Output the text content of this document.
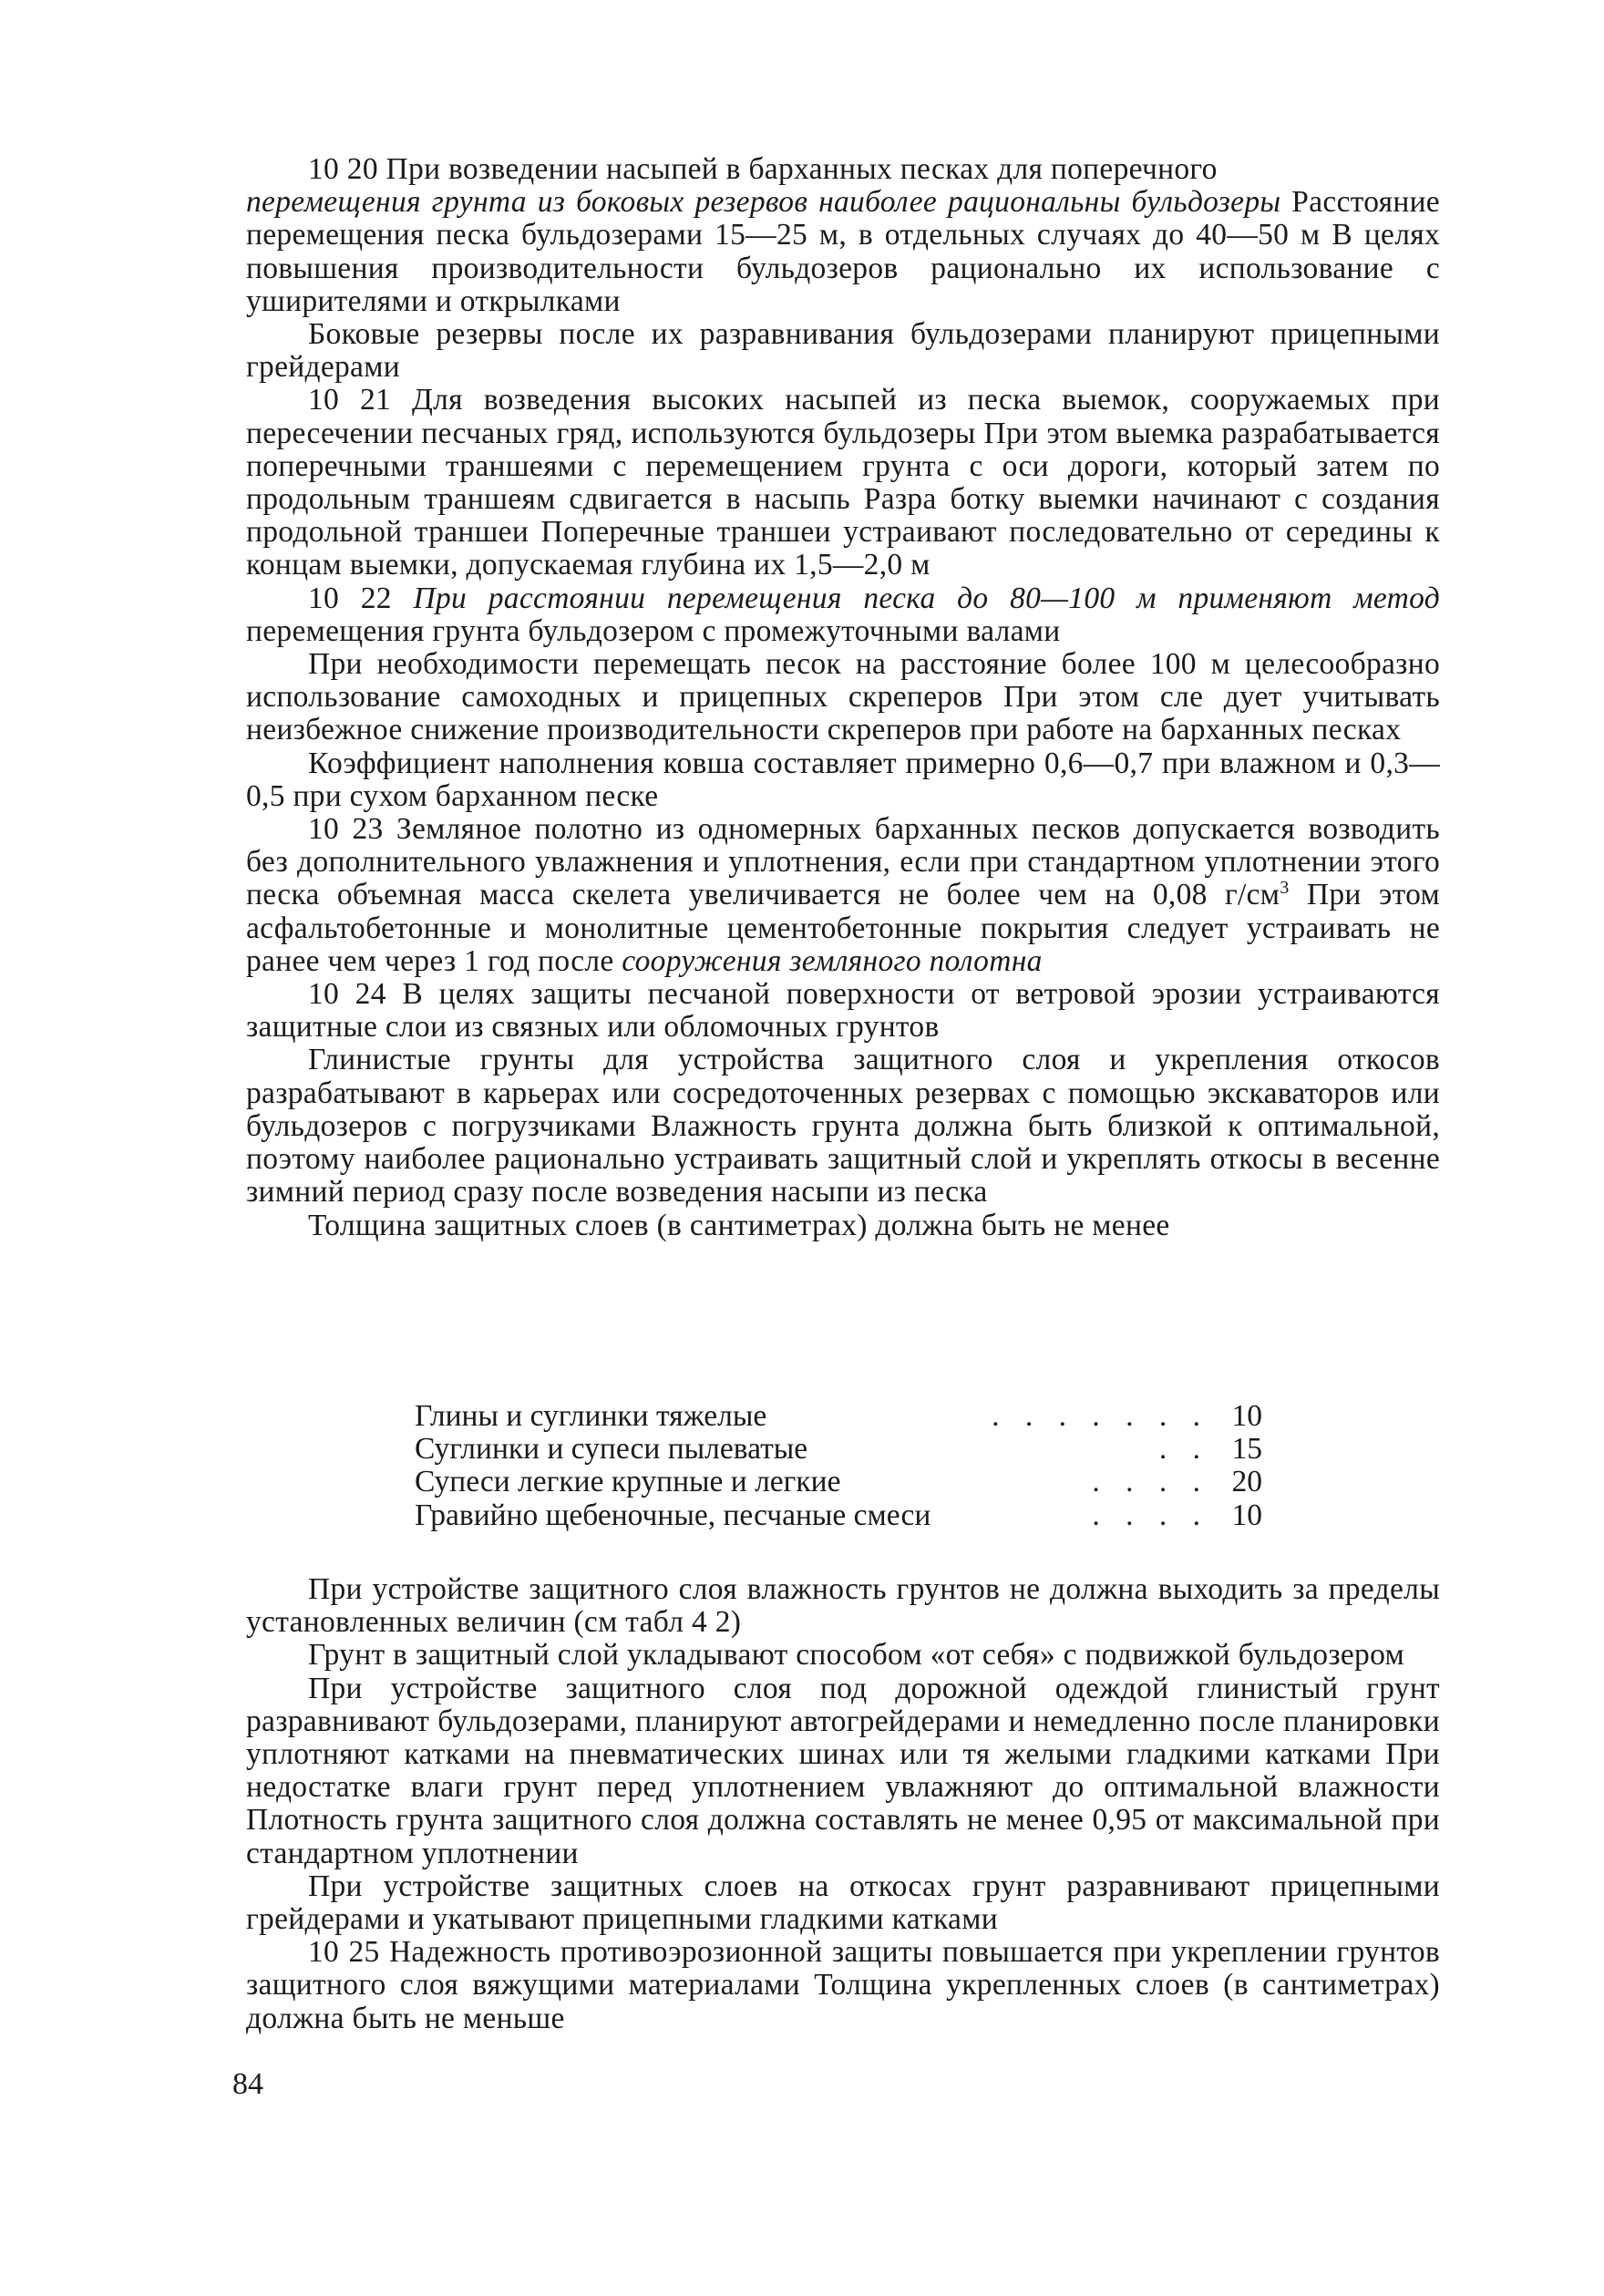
10 20 При возведении насыпей в барханных песках для поперечного
перемещения грунта из боковых резервов наиболее рациональны бульдозеры Расстояние перемещения песка бульдозерами 15—25 м, в отдельных случаях до 40—50 м В целях повышения производительности бульдозеров рационально их использование с уширителями и открылками

Боковые резервы после их разравнивания бульдозерами планируют прицепными грейдерами

10 21 Для возведения высоких насыпей из песка выемок, сооружаемых при пересечении песчаных гряд, используются бульдозеры При этом выемка разрабатывается поперечными траншеями с перемещением грунта с оси дороги, который затем по продольным траншеям сдвигается в насыпь Разра ботку выемки начинают с создания продольной траншеи Поперечные траншеи устраивают последовательно от середины к концам выемки, допускаемая глубина их 1,5—2,0 м

10 22 При расстоянии перемещения песка до 80—100 м применяют метод перемещения грунта бульдозером с промежуточными валами

При необходимости перемещать песок на расстояние более 100 м целесообразно использование самоходных и прицепных скреперов При этом сле дует учитывать неизбежное снижение производительности скреперов при работе на барханных песках

Коэффициент наполнения ковша составляет примерно 0,6—0,7 при влажном и 0,3—0,5 при сухом барханном песке

10 23 Земляное полотно из одномерных барханных песков допускается возводить без дополнительного увлажнения и уплотнения, если при стандартном уплотнении этого песка объемная масса скелета увеличивается не более чем на 0,08 $г/см^3$ При этом асфальтобетонные и монолитные цементобетонные покрытия следует устраивать не ранее чем через 1 год после сооружения земляного полотна

10 24 В целях защиты песчаной поверхности от ветровой эрозии устраиваются защитные слои из связных или обломочных грунтов

Глинистые грунты для устройства защитного слоя и укрепления откосов разрабатывают в карьерах или сосредоточенных резервах с помощью экскаваторов или бульдозеров с погрузчиками Влажность грунта должна быть близкой к оптимальной, поэтому наиболее рационально устраивать защитный слой и укреплять откосы в весенне зимний период сразу после возведения насыпи из песка

Толщина защитных слоев (в сантиметрах) должна быть не менее

Глины и суглинки тяжелые	. . . . . . . 10
Суглинки и супеси пылеватые	. . 15
Супеси легкие крупные и легкие	. . . . 20
Гравийно щебеночные, песчаные смеси	. . . . 10

При устройстве защитного слоя влажность грунтов не должна выходить за пределы установленных величин (см табл 4 2)

Грунт в защитный слой укладывают способом «от себя» с подвижкой бульдозером

При устройстве защитного слоя под дорожной одеждой глинистый грунт разравнивают бульдозерами, планируют автогрейдерами и немедленно после планировки уплотняют катками на пневматических шинах или тя желыми гладкими катками При недостатке влаги грунт перед уплотнением увлажняют до оптимальной влажности Плотность грунта защитного слоя должна составлять не менее 0,95 от максимальной при стандартном уплотнении

При устройстве защитных слоев на откосах грунт разравнивают прицепными грейдерами и укатывают прицепными гладкими катками

10 25 Надежность противоэрозионной защиты повышается при укреплении грунтов защитного слоя вяжущими материалами Толщина укрепленных слоев (в сантиметрах) должна быть не меньше

84
